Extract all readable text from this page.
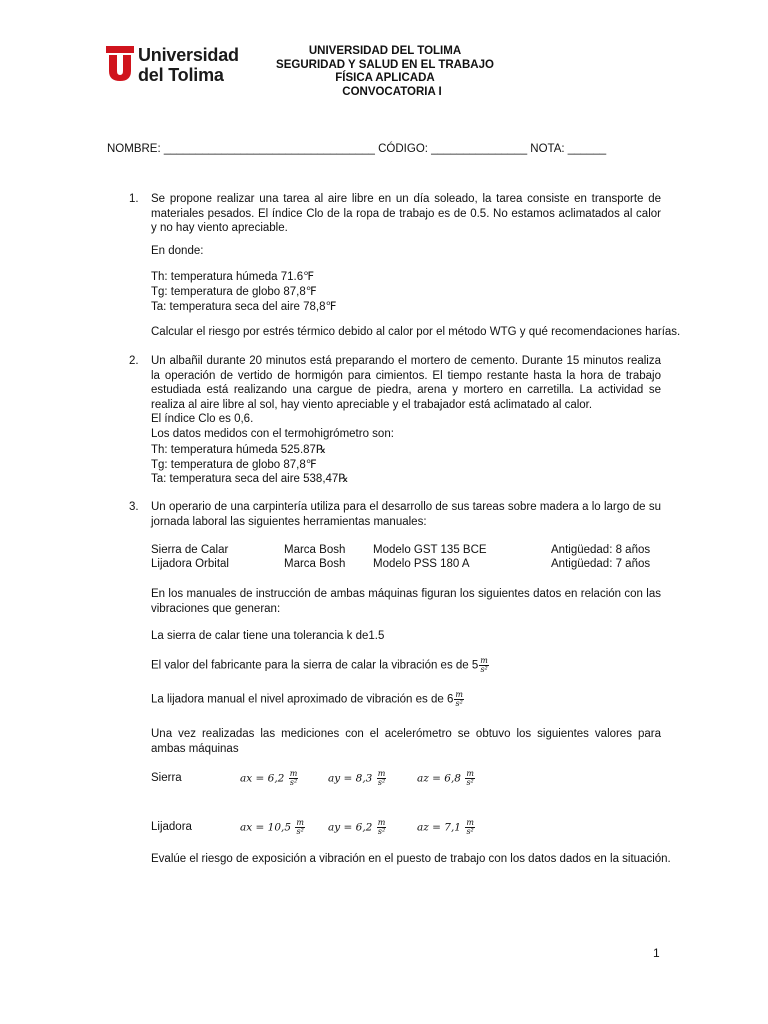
Universidad
del Tolima
UNIVERSIDAD DEL TOLIMA
SEGURIDAD Y SALUD EN EL TRABAJO
FÍSICA APLICADA
CONVOCATORIA I
NOMBRE: _________________________________ CÓDIGO: _______________ NOTA: ______
1. Se propone realizar una tarea al aire libre en un día soleado, la tarea consiste en transporte de materiales pesados. El índice Clo de la ropa de trabajo es de 0.5. No estamos aclimatados al calor y no hay viento apreciable.
En donde:
Th: temperatura húmeda 71.6℉
Tg: temperatura de globo 87,8℉
Ta: temperatura seca del aire 78,8℉
Calcular el riesgo por estrés térmico debido al calor por el método WTG y qué recomendaciones harías.
2. Un albañil durante 20 minutos está preparando el mortero de cemento. Durante 15 minutos realiza la operación de vertido de hormigón para cimientos. El tiempo restante hasta la hora de trabajo estudiada está realizando una cargue de piedra, arena y mortero en carretilla. La actividad se realiza al aire libre al sol, hay viento apreciable y el trabajador está aclimatado al calor.
El índice Clo es 0,6.
Los datos medidos con el termohigrómetro son:
Th: temperatura húmeda 525.87℞
Tg: temperatura de globo 87,8℉
Ta: temperatura seca del aire 538,47℞
3. Un operario de una carpintería utiliza para el desarrollo de sus tareas sobre madera a lo largo de su jornada laboral las siguientes herramientas manuales:
Sierra de Calar	Marca Bosh Modelo GST 135 BCE	Antigüedad: 8 años
Lijadora Orbital	Marca Bosh Modelo PSS 180 A	Antigüedad: 7 años
En los manuales de instrucción de ambas máquinas figuran los siguientes datos en relación con las vibraciones que generan:
La sierra de calar tiene una tolerancia k de1.5
El valor del fabricante para la sierra de calar la vibración es de $5 \frac{m}{\text{s²}}$
La lijadora manual el nivel aproximado de vibración es de $6 \frac{m}{\text{s²}}$
Una vez realizadas las mediciones con el acelerómetro se obtuvo los siguientes valores para ambas máquinas
Sierra	𝑎𝑥 = $6,2 \frac{m}{\text{s²}}$	𝑎𝑦 = $8,3 \frac{m}{\text{s²}}$	𝑎𝑧 = $6,8 \frac{m}{\text{s²}}$
Lijadora	𝑎𝑥 = $10,5 \frac{m}{\text{s²}}$ 𝑎𝑦 = $6,2 \frac{m}{\text{s²}}$	𝑎𝑧 = $7,1 \frac{m}{\text{s²}}$
Evalúe el riesgo de exposición a vibración en el puesto de trabajo con los datos dados en la situación.
1
